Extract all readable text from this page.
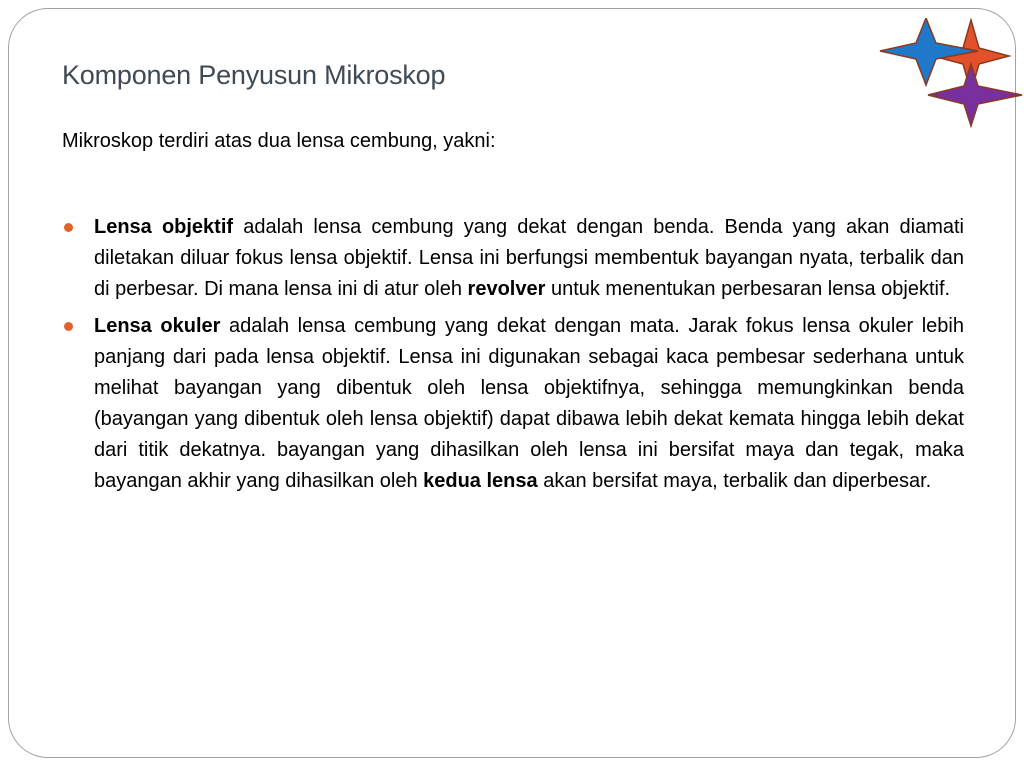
Komponen Penyusun Mikroskop

Mikroskop terdiri atas dua lensa cembung, yakni:

Lensa objektif adalah lensa cembung yang dekat dengan benda. Benda yang akan diamati diletakan diluar fokus lensa objektif. Lensa ini berfungsi membentuk bayangan nyata, terbalik dan di perbesar. Di mana lensa ini di atur oleh revolver untuk menentukan perbesaran lensa objektif.
Lensa okuler adalah lensa cembung yang dekat dengan mata. Jarak fokus lensa okuler lebih panjang dari pada lensa objektif. Lensa ini digunakan sebagai kaca pembesar sederhana untuk melihat bayangan yang dibentuk oleh lensa objektifnya, sehingga memungkinkan benda (bayangan yang dibentuk oleh lensa objektif) dapat dibawa lebih dekat kemata hingga lebih dekat dari titik dekatnya. bayangan yang dihasilkan oleh lensa ini bersifat maya dan tegak, maka bayangan akhir yang dihasilkan oleh kedua lensa akan bersifat maya, terbalik dan diperbesar.
